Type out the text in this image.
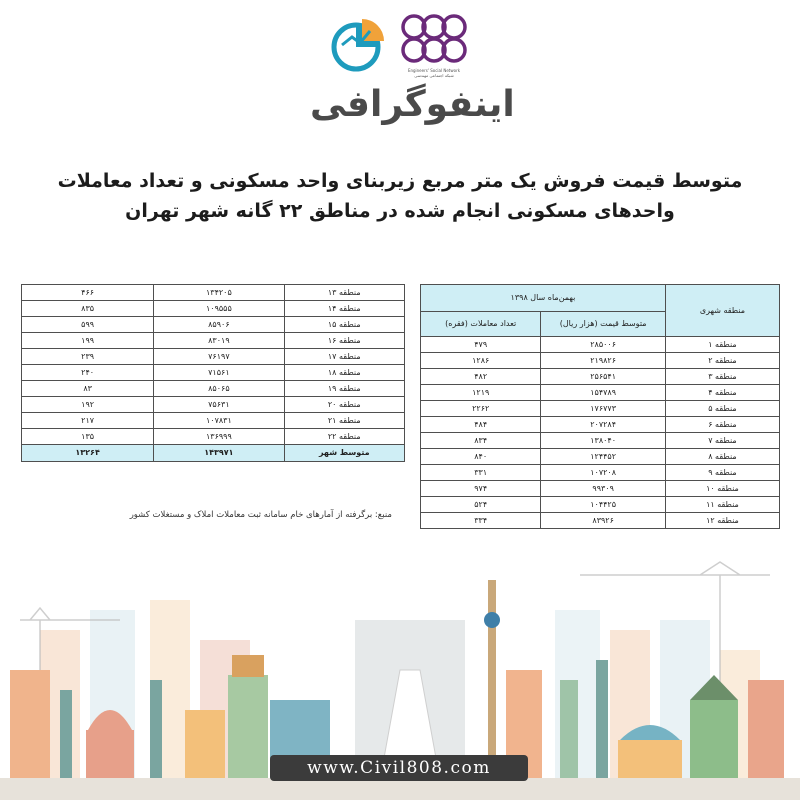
Engineers' Social Network شبکه اجتماعی مهندسی
اینفوگرافی
متوسط قیمت فروش یک متر مربع زیربنای واحد مسکونی و تعداد معاملات
واحدهای مسکونی انجام شده در مناطق ۲۲ گانه شهر تهران
منطقه شهری	بهمن‌ماه سال ۱۳۹۸	
	متوسط قیمت (هزار ریال)	تعداد معاملات (فقره)
منطقه ۱	۲۸۵۰۰۶	۴۷۹
منطقه ۲	۲۱۹۸۲۶	۱۲۸۶
منطقه ۳	۲۵۶۵۴۱	۴۸۲
منطقه ۴	۱۵۴۷۸۹	۱۲۱۹
منطقه ۵	۱۷۶۷۷۳	۲۲۶۲
منطقه ۶	۲۰۷۲۸۴	۴۸۴
منطقه ۷	۱۳۸۰۴۰	۸۳۴
منطقه ۸	۱۲۴۴۵۲	۸۴۰
منطقه ۹	۱۰۷۲۰۸	۳۳۱
منطقه ۱۰	۹۹۳۰۹	۹۷۴
منطقه ۱۱	۱۰۴۴۲۵	۵۲۴
منطقه ۱۲	۸۳۹۲۶	۳۳۴
منطقه ۱۳	۱۳۴۲۰۵	۴۶۶
منطقه ۱۴	۱۰۹۵۵۵	۸۳۵
منطقه ۱۵	۸۵۹۰۶	۵۹۹
منطقه ۱۶	۸۳۰۱۹	۱۹۹
منطقه ۱۷	۷۶۱۹۷	۲۳۹
منطقه ۱۸	۷۱۵۶۱	۲۴۰
منطقه ۱۹	۸۵۰۶۵	۸۳
منطقه ۲۰	۷۵۶۳۱	۱۹۲
منطقه ۲۱	۱۰۷۸۳۱	۲۱۷
منطقه ۲۲	۱۳۶۹۹۹	۱۳۵
متوسط شهر	۱۴۳۹۷۱	۱۳۲۶۴
منبع: برگرفته از آمارهای خام سامانه ثبت معاملات املاک و مستغلات کشور
www.Civil808.com
